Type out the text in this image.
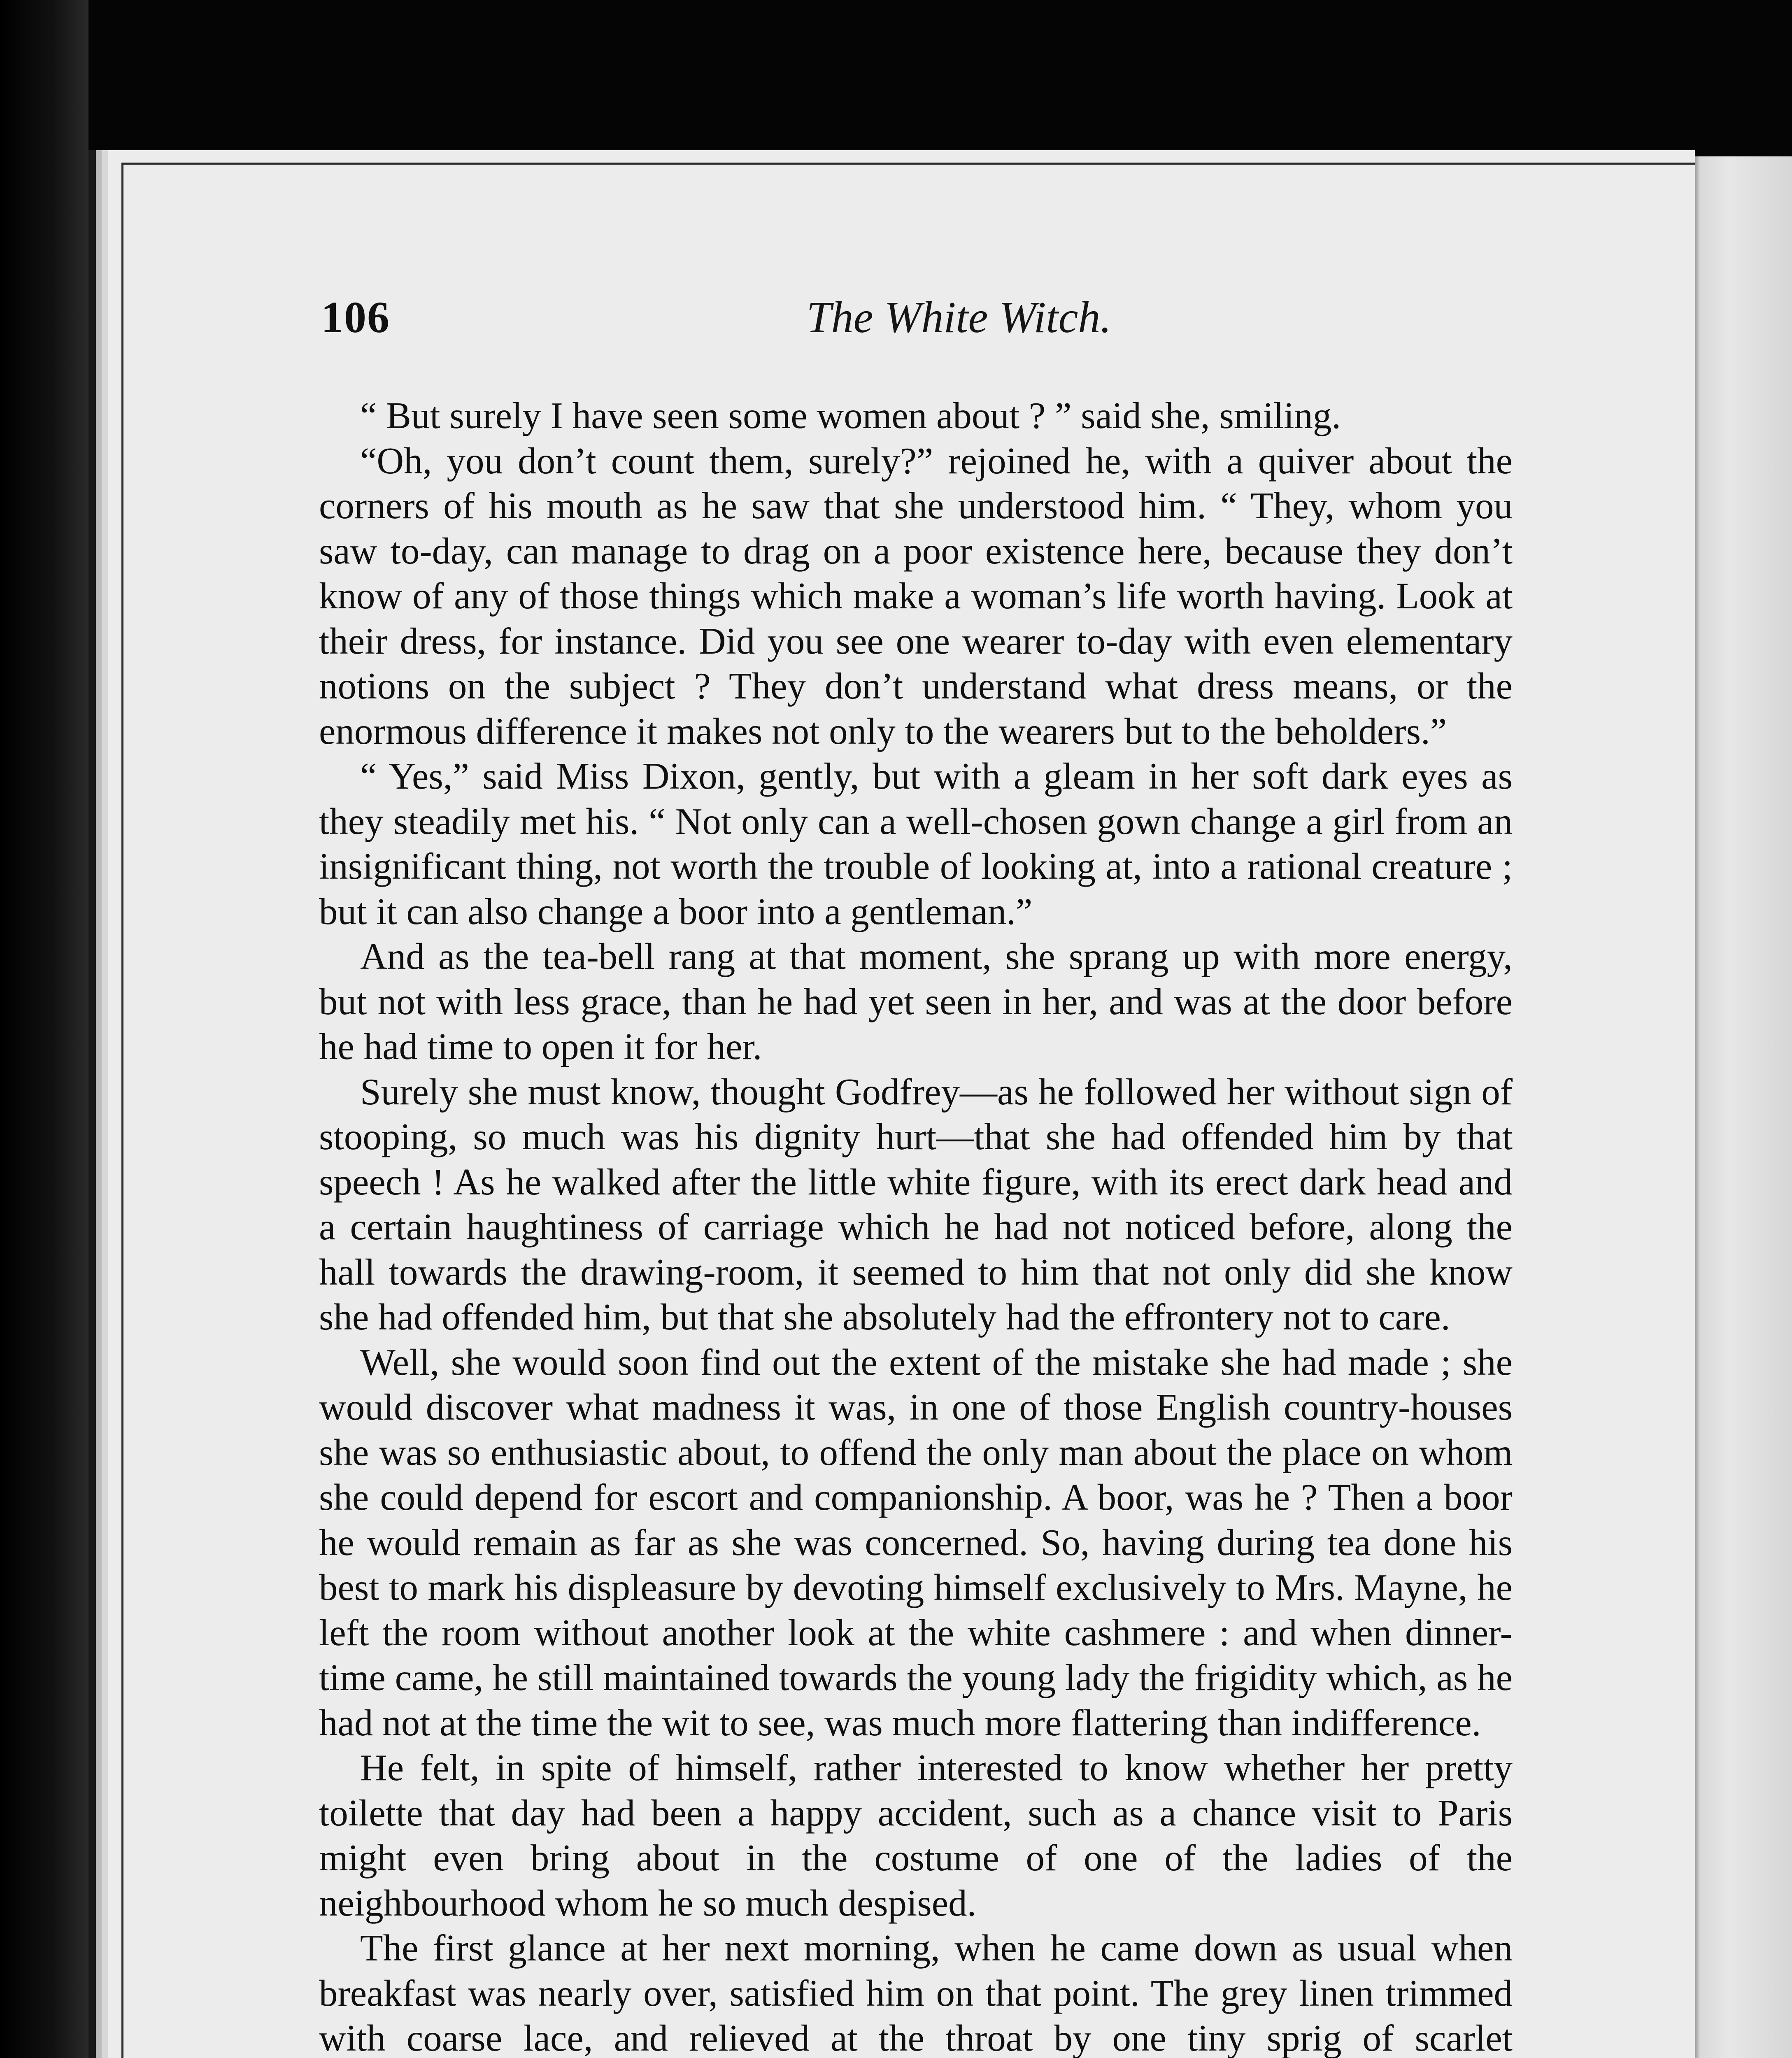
106	The White Witch.

“ But surely I have seen some women about ? ” said she, smiling.

“Oh, you don’t count them, surely?” rejoined he, with a quiver about the corners of his mouth as he saw that she understood him. “ They, whom you saw to-day, can manage to drag on a poor existence here, because they don’t know of any of those things which make a woman’s life worth having. Look at their dress, for instance. Did you see one wearer to-day with even elementary notions on the subject ? They don’t understand what dress means, or the enormous difference it makes not only to the wearers but to the beholders.”

“ Yes,” said Miss Dixon, gently, but with a gleam in her soft dark eyes as they steadily met his. “ Not only can a well-chosen gown change a girl from an insignificant thing, not worth the trouble of looking at, into a rational creature ; but it can also change a boor into a gentleman.”

And as the tea-bell rang at that moment, she sprang up with more energy, but not with less grace, than he had yet seen in her, and was at the door before he had time to open it for her.

Surely she must know, thought Godfrey—as he followed her without sign of stooping, so much was his dignity hurt—that she had offended him by that speech ! As he walked after the little white figure, with its erect dark head and a certain haughtiness of carriage which he had not noticed before, along the hall towards the drawing-room, it seemed to him that not only did she know she had offended him, but that she absolutely had the effrontery not to care.

Well, she would soon find out the extent of the mistake she had made ; she would discover what madness it was, in one of those English country-houses she was so enthusiastic about, to offend the only man about the place on whom she could depend for escort and companionship. A boor, was he ? Then a boor he would remain as far as she was concerned. So, having during tea done his best to mark his displeasure by devoting himself exclusively to Mrs. Mayne, he left the room without another look at the white cashmere : and when dinner-time came, he still maintained towards the young lady the frigidity which, as he had not at the time the wit to see, was much more flattering than indifference.

He felt, in spite of himself, rather interested to know whether her pretty toilette that day had been a happy accident, such as a chance visit to Paris might even bring about in the costume of one of the ladies of the neighbourhood whom he so much despised.

The first glance at her next morning, when he came down as usual when breakfast was nearly over, satisfied him on that point. The grey linen trimmed with coarse lace, and relieved at the throat by one tiny sprig of scarlet
